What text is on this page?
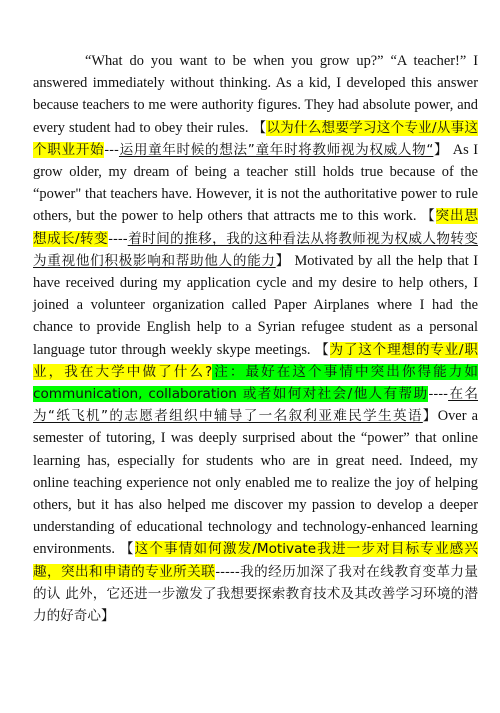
“What do you want to be when you grow up?” “A teacher!” I answered immediately without thinking. As a kid, I developed this answer because teachers to me were authority figures. They had absolute power, and every student had to obey their rules. 【以为什么想要学习这个专业/从事这个职业开始---运用童年时候的想法”童年时将教师视为权威人物“】 As I grow older, my dream of being a teacher still holds true because of the “power" that teachers have. However, it is not the authoritative power to rule others, but the power to help others that attracts me to this work. 【突出思想成长/转变----着时间的推移，我的这种看法从将教师视为权威人物转变为重视他们积极影响和帮助他人的能力】 Motivated by all the help that I have received during my application cycle and my desire to help others, I joined a volunteer organization called Paper Airplanes where I had the chance to provide English help to a Syrian refugee student as a personal language tutor through weekly skype meetings. 【为了这个理想的专业/职业，我在大学中做了什么?注：最好在这个事情中突出你得能力如communication, collaboration 或者如何对社会/他人有帮助----在名为“纸飞机”的志愿者组织中辅导了一名叙利亚难民学生英语】Over a semester of tutoring, I was deeply surprised about the “power” that online learning has, especially for students who are in great need. Indeed, my online teaching experience not only enabled me to realize the joy of helping others, but it has also helped me discover my passion to develop a deeper understanding of educational technology and technology-enhanced learning environments. 【这个事情如何激发/Motivate我进一步对目标专业感兴趣，突出和申请的专业所关联-----我的经历加深了我对在线教育变革力量的认 此外，它还进一步激发了我想要探索教育技术及其改善学习环境的潜力的好奇心】
